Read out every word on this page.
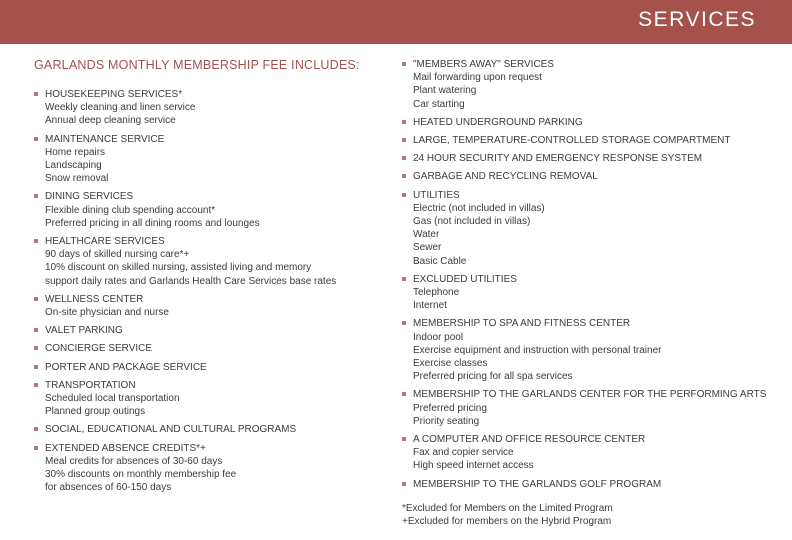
SERVICES
GARLANDS MONTHLY MEMBERSHIP FEE INCLUDES:
HOUSEKEEPING SERVICES*
Weekly cleaning and linen service
Annual deep cleaning service
MAINTENANCE SERVICE
Home repairs
Landscaping
Snow removal
DINING SERVICES
Flexible dining club spending account*
Preferred pricing in all dining rooms and lounges
HEALTHCARE SERVICES
90 days of skilled nursing care*+
10% discount on skilled nursing, assisted living and memory
support daily rates and Garlands Health Care Services base rates
WELLNESS CENTER
On-site physician and nurse
VALET PARKING
CONCIERGE SERVICE
PORTER AND PACKAGE SERVICE
TRANSPORTATION
Scheduled local transportation
Planned group outings
SOCIAL, EDUCATIONAL AND CULTURAL PROGRAMS
EXTENDED ABSENCE CREDITS*+
Meal credits for absences of 30-60 days
30% discounts on monthly membership fee
for absences of 60-150 days
"MEMBERS AWAY" SERVICES
Mail forwarding upon request
Plant watering
Car starting
HEATED UNDERGROUND PARKING
LARGE, TEMPERATURE-CONTROLLED STORAGE COMPARTMENT
24 HOUR SECURITY AND EMERGENCY RESPONSE SYSTEM
GARBAGE AND RECYCLING REMOVAL
UTILITIES
Electric (not included in villas)
Gas (not included in villas)
Water
Sewer
Basic Cable
EXCLUDED UTILITIES
Telephone
Internet
MEMBERSHIP TO SPA AND FITNESS CENTER
Indoor pool
Exercise equipment and instruction with personal trainer
Exercise classes
Preferred pricing for all spa services
MEMBERSHIP TO THE GARLANDS CENTER FOR THE PERFORMING ARTS
Preferred pricing
Priority seating
A COMPUTER AND OFFICE RESOURCE CENTER
Fax and copier service
High speed internet access
MEMBERSHIP TO THE GARLANDS GOLF PROGRAM
*Excluded for Members on the Limited Program
+Excluded for members on the Hybrid Program
